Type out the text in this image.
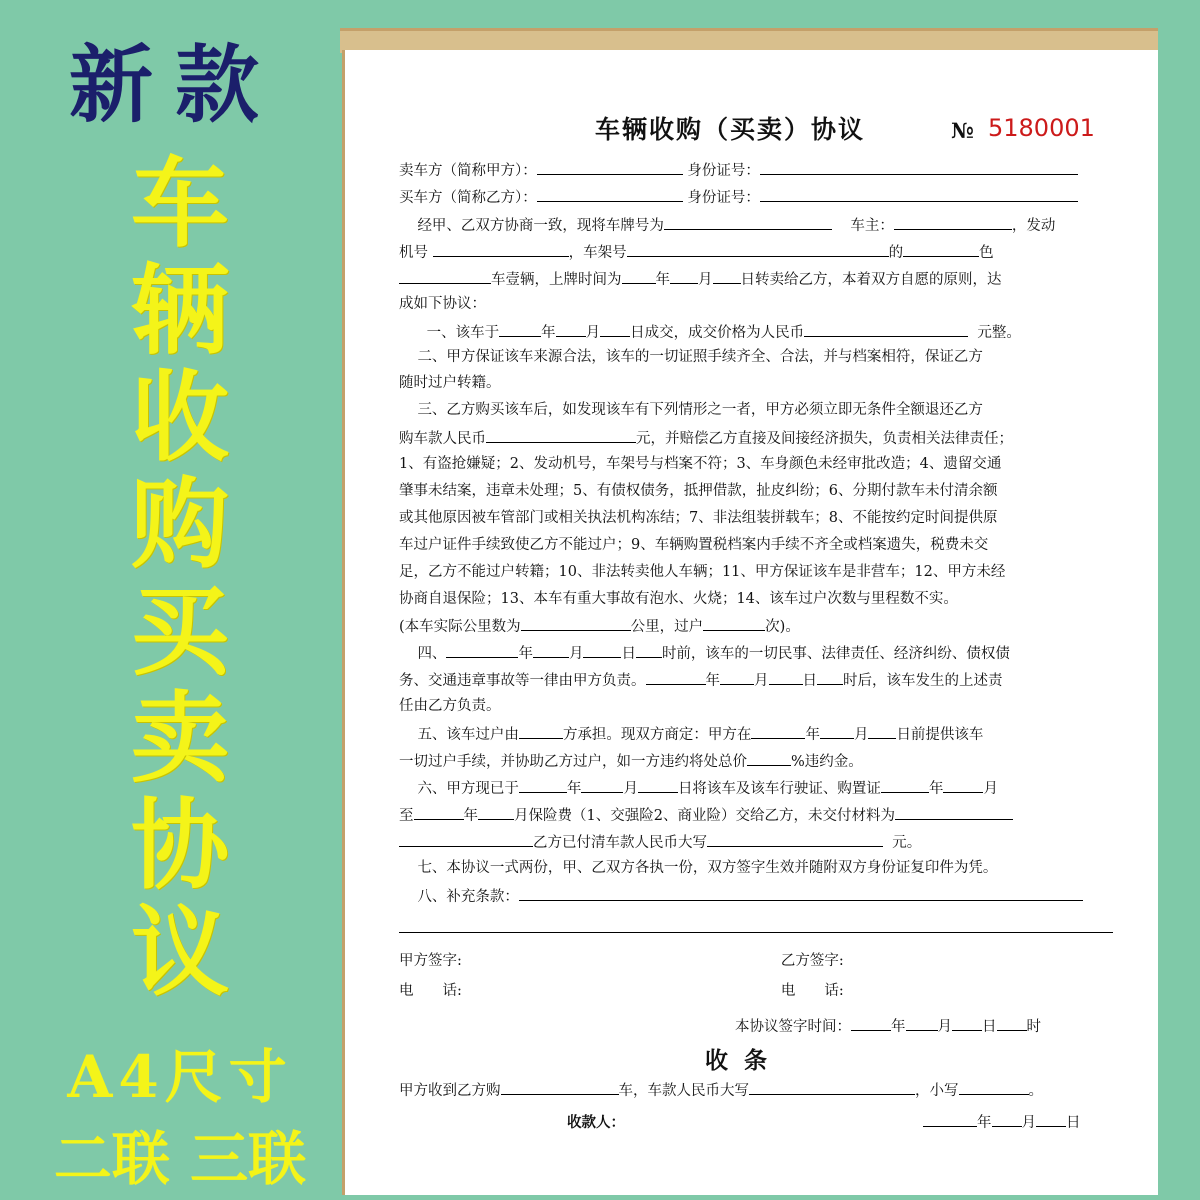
新款
车
辆
收
购
买
卖
协
议
A4尺寸
二联 三联
车辆收购（买卖）协议	№ 5180001
卖车方（简称甲方）：	身份证号：
买车方（简称乙方）：	身份证号：
经甲、乙双方协商一致，现将车牌号为	车主：	，发动
机号	，车架号	的	色
车壹辆，上牌时间为 年 月 日转卖给乙方，本着双方自愿的原则，达
成如下协议：
一、该车于	年 月 日成交，成交价格为人民币	元整。
二、甲方保证该车来源合法，该车的一切证照手续齐全、合法，并与档案相符，保证乙方
随时过户转籍。
三、乙方购买该车后，如发现该车有下列情形之一者，甲方必须立即无条件全额退还乙方
购车款人民币	元，并赔偿乙方直接及间接经济损失，负责相关法律责任；
1、有盗抢嫌疑；2、发动机号，车架号与档案不符；3、车身颜色未经审批改造；4、遗留交通
肇事未结案，违章未处理；5、有债权债务，抵押借款，扯皮纠纷；6、分期付款车未付清余额
或其他原因被车管部门或相关执法机构冻结；7、非法组装拼载车；8、不能按约定时间提供原
车过户证件手续致使乙方不能过户；9、车辆购置税档案内手续不齐全或档案遗失，税费未交
足，乙方不能过户转籍；10、非法转卖他人车辆；11、甲方保证该车是非营车；12、甲方未经
协商自退保险；13、本车有重大事故有泡水、火烧；14、该车过户次数与里程数不实。
(本车实际公里数为	公里，过户	次)。
四、	年 月	日 时前，该车的一切民事、法律责任、经济纠纷、债权债
务、交通违章事故等一律由甲方负责。	年 月 日 时后，该车发生的上述责
任由乙方负责。
五、该车过户由	方承担。现双方商定：甲方在	年 月 日前提供该车
一切过户手续，并协助乙方过户，如一方违约将处总价	%违约金。
六、甲方现已于	年	月	日将该车及该车行驶证、购置证	年	月
至	年 月保险费（1、交强险2、商业险）交给乙方，未交付材料为
乙方已付清车款人民币大写	元。
七、本协议一式两份，甲、乙双方各执一份，双方签字生效并随附双方身份证复印件为凭。
八、补充条款：
甲方签字:	乙方签字:
电　　话:	电　　话:
本协议签字时间：	年 月 日 时
收条
甲方收到乙方购	车，车款人民币大写	，小写	。
收款人：	年 月 日
